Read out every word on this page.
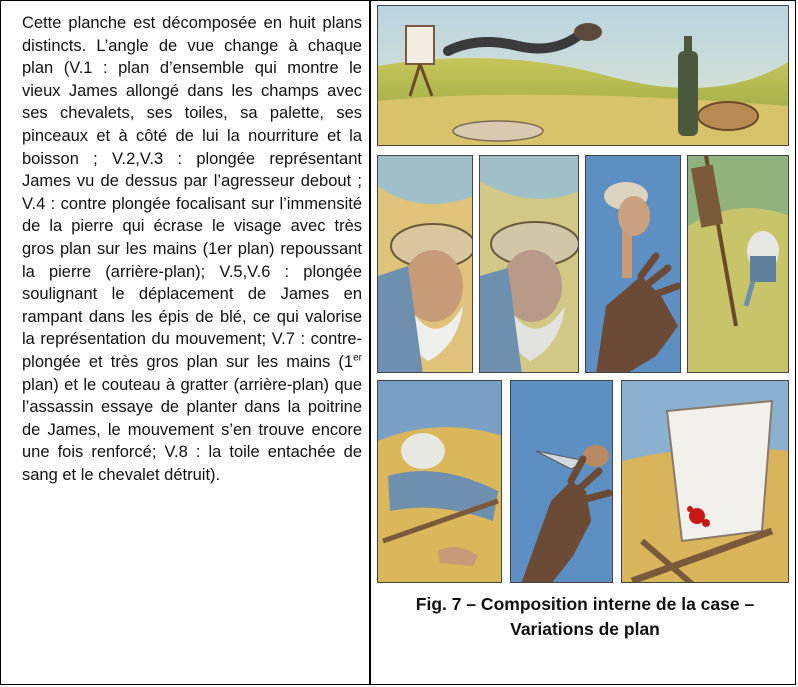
Cette planche est décomposée en huit plans distincts. L’angle de vue change à chaque plan (V.1 : plan d’ensemble qui montre le vieux James allongé dans les champs avec ses chevalets, ses toiles, sa palette, ses pinceaux et à côté de lui la nourriture et la boisson ; V.2,V.3 : plongée représentant James vu de dessus par l’agresseur debout ; V.4 : contre plongée focalisant sur l’immensité de la pierre qui écrase le visage avec très gros plan sur les mains (1er plan) repoussant la pierre (arrière-plan); V.5,V.6 : plongée soulignant le déplacement de James en rampant dans les épis de blé, ce qui valorise la représentation du mouvement; V.7 : contre-plongée et très gros plan sur les mains (1er plan) et le couteau à gratter (arrière-plan) que l’assassin essaye de planter dans la poitrine de James, le mouvement s’en trouve encore une fois renforcé; V.8 : la toile entachée de sang et le chevalet détruit).
Fig. 7 – Composition interne de la case –
Variations de plan
